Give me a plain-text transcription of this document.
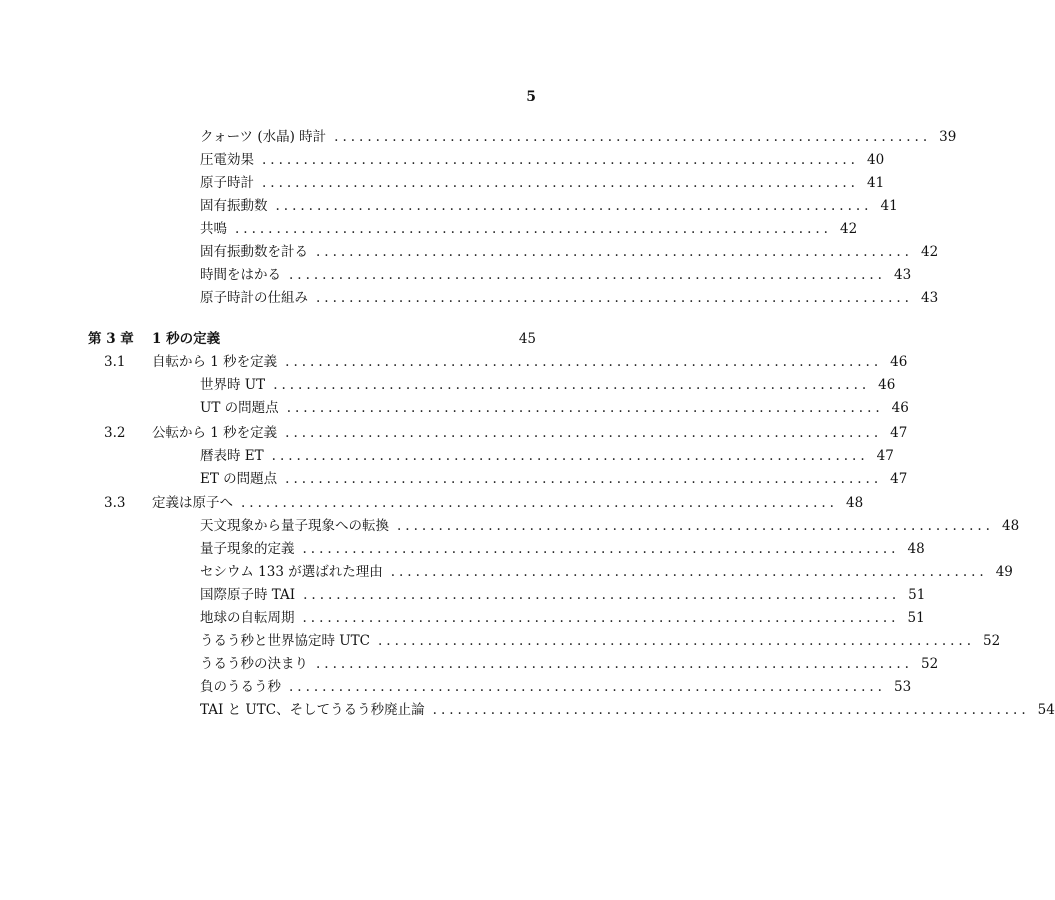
5
クォーツ (水晶) 時計 ........................................................................ 39
圧電効果 ........................................................................ 40
原子時計 ........................................................................ 41
固有振動数 ........................................................................ 41
共鳴 ........................................................................ 42
固有振動数を計る ........................................................................ 42
時間をはかる ........................................................................ 43
原子時計の仕組み ........................................................................ 43
第 3 章	1 秒の定義	45
3.1	自転から 1 秒を定義 ........................................................................ 46
世界時 UT ........................................................................ 46
UT の問題点 ........................................................................ 46
3.2	公転から 1 秒を定義 ........................................................................ 47
暦表時 ET ........................................................................ 47
ET の問題点 ........................................................................ 47
3.3	定義は原子へ ........................................................................ 48
天文現象から量子現象への転換 ........................................................................ 48
量子現象的定義 ........................................................................ 48
セシウム 133 が選ばれた理由 ........................................................................ 49
国際原子時 TAI ........................................................................ 51
地球の自転周期 ........................................................................ 51
うるう秒と世界協定時 UTC ........................................................................ 52
うるう秒の決まり ........................................................................ 52
負のうるう秒 ........................................................................ 53
TAI と UTC、そしてうるう秒廃止論 ........................................................................ 54
